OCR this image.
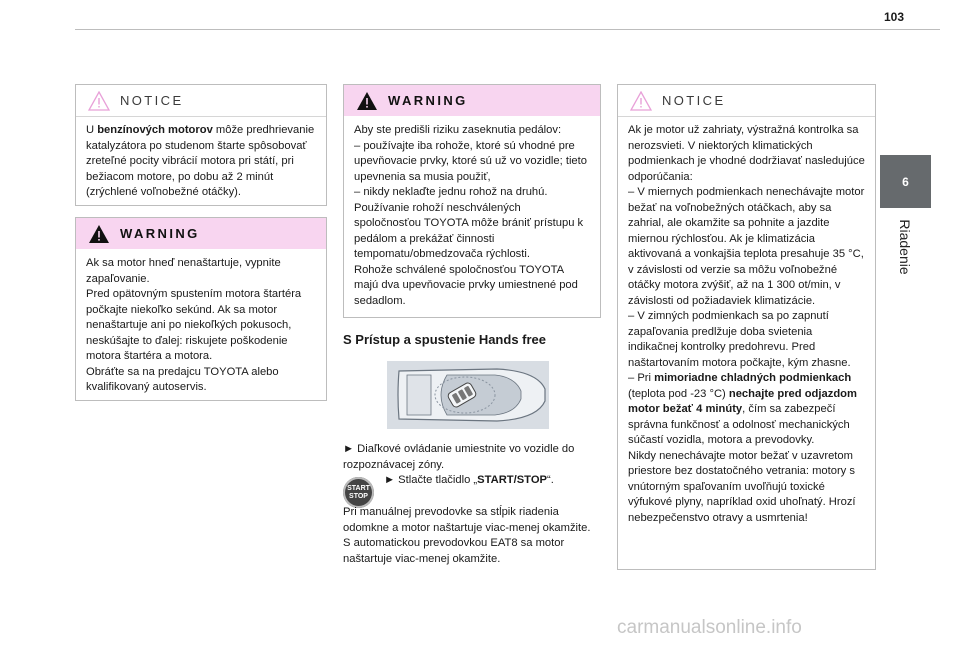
103
6
Riadenie
NOTICE

U benzínových motorov môže predhrievanie katalyzátora po studenom štarte spôsobovať zreteľné pocity vibrácií motora pri státí, pri bežiacom motore, po dobu až 2 minút (zrýchlené voľnobežné otáčky).

WARNING

Ak sa motor hneď nenaštartuje, vypnite zapaľovanie.
Pred opätovným spustením motora štartéra počkajte niekoľko sekúnd. Ak sa motor nenaštartuje ani po niekoľkých pokusoch, neskúšajte to ďalej: riskujete poškodenie motora štartéra a motora.
Obráťte sa na predajcu TOYOTA alebo kvalifikovaný autoservis.

WARNING

Aby ste predišli riziku zaseknutia pedálov:
– používajte iba rohože, ktoré sú vhodné pre upevňovacie prvky, ktoré sú už vo vozidle; tieto upevnenia sa musia použiť,
– nikdy neklaďte jednu rohož na druhú.
Používanie rohoží neschválených spoločnosťou TOYOTA môže brániť prístupu k pedálom a prekážať činnosti tempomatu/obmedzovača rýchlosti.
Rohože schválené spoločnosťou TOYOTA majú dva upevňovacie prvky umiestnené pod sedadlom.

S Prístup a spustenie Hands free

► Diaľkové ovládanie umiestnite vo vozidle do rozpoznávacej zóny.

START
STOP

► Stlačte tlačidlo „START/STOP“.

Pri manuálnej prevodovke sa stĺpik riadenia odomkne a motor naštartuje viac-menej okamžite.
S automatickou prevodovkou EAT8 sa motor naštartuje viac-menej okamžite.

NOTICE

Ak je motor už zahriaty, výstražná kontrolka sa nerozsvieti. V niektorých klimatických podmienkach je vhodné dodržiavať nasledujúce odporúčania:
– V miernych podmienkach nenechávajte motor bežať na voľnobežných otáčkach, aby sa zahrial, ale okamžite sa pohnite a jazdite miernou rýchlosťou. Ak je klimatizácia aktivovaná a vonkajšia teplota presahuje 35 °C, v závislosti od verzie sa môžu voľnobežné otáčky motora zvýšiť, až na 1 300 ot/min, v závislosti od požiadaviek klimatizácie.
– V zimných podmienkach sa po zapnutí zapaľovania predlžuje doba svietenia indikačnej kontrolky predohrevu. Pred naštartovaním motora počkajte, kým zhasne.
– Pri mimoriadne chladných podmienkach (teplota pod -23 °C) nechajte pred odjazdom motor bežať 4 minúty, čím sa zabezpečí správna funkčnosť a odolnosť mechanických súčastí vozidla, motora a prevodovky.
Nikdy nenechávajte motor bežať v uzavretom priestore bez dostatočného vetrania: motory s vnútorným spaľovaním uvoľňujú toxické výfukové plyny, napríklad oxid uhoľnatý. Hrozí nebezpečenstvo otravy a usmrtenia!

carmanualsonline.info
